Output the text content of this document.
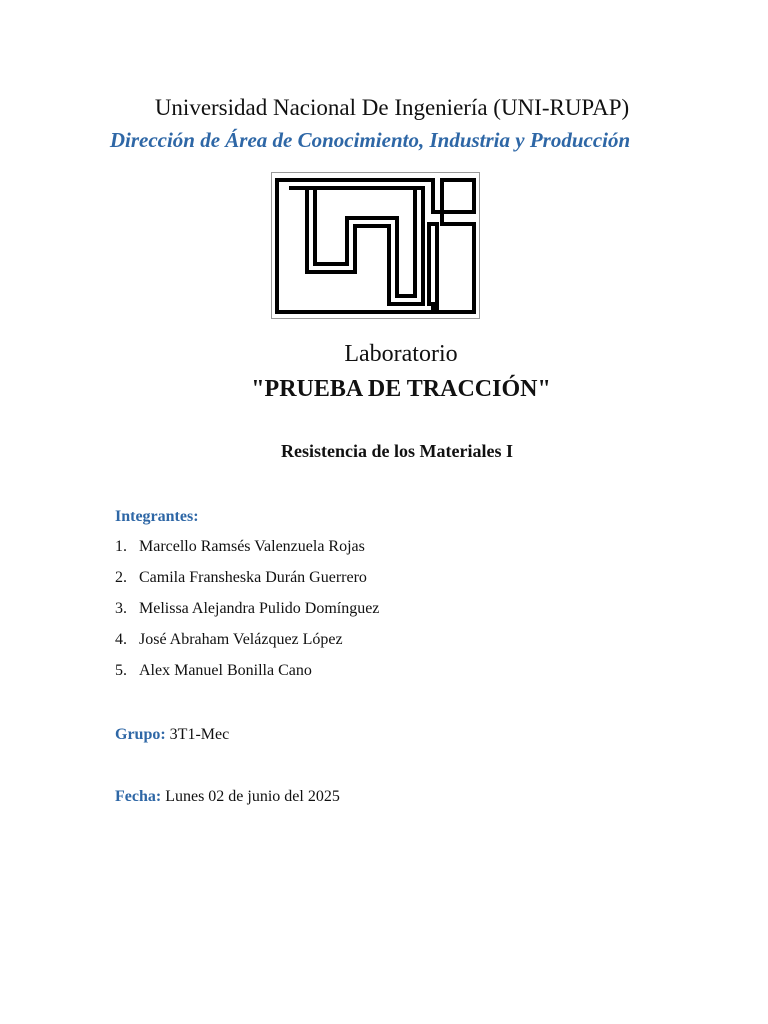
Universidad Nacional De Ingeniería (UNI-RUPAP)
Dirección de Área de Conocimiento, Industria y Producción
Laboratorio
"PRUEBA DE TRACCIÓN"
Resistencia de los Materiales I
Integrantes:
1. Marcello Ramsés Valenzuela Rojas
2. Camila Fransheska Durán Guerrero
3. Melissa Alejandra Pulido Domínguez
4. José Abraham Velázquez López
5. Alex Manuel Bonilla Cano
Grupo: 3T1-Mec
Fecha: Lunes 02 de junio del 2025
